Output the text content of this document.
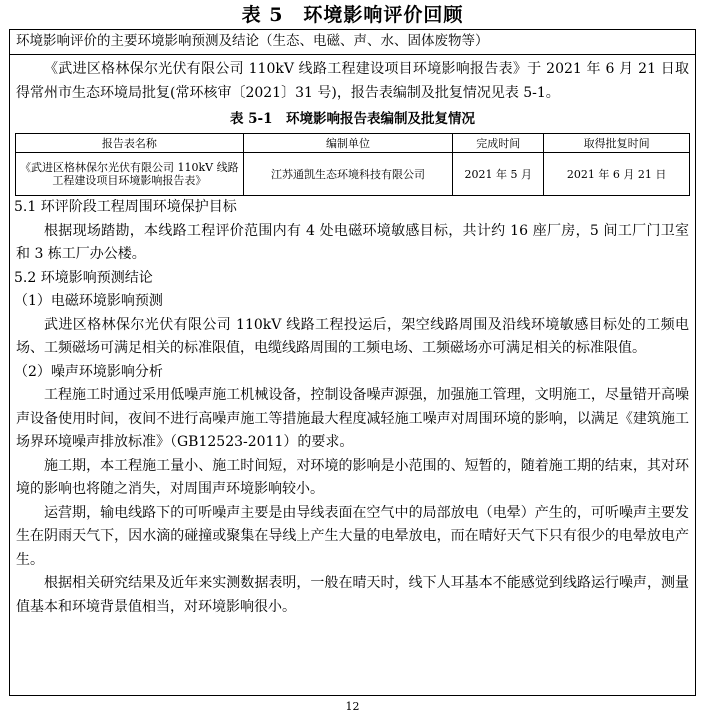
表 5　环境影响评价回顾
环境影响评价的主要环境影响预测及结论（生态、电磁、声、水、固体废物等）

《武进区格林保尔光伏有限公司 110kV 线路工程建设项目环境影响报告表》于 2021 年 6 月 21 日取得常州市生态环境局批复(常环核审〔2021〕31 号)，报告表编制及批复情况见表 5-1。

表 5-1　环境影响报告表编制及批复情况
报告表名称	编制单位	完成时间	取得批复时间
《武进区格林保尔光伏有限公司 110kV 线路工程建设项目环境影响报告表》	江苏通凯生态环境科技有限公司	2021 年 5 月	2021 年 6 月 21 日
5.1 环评阶段工程周围环境保护目标

根据现场踏勘，本线路工程评价范围内有 4 处电磁环境敏感目标，共计约 16 座厂房，5 间工厂门卫室和 3 栋工厂办公楼。

5.2 环境影响预测结论
（1）电磁环境影响预测

武进区格林保尔光伏有限公司 110kV 线路工程投运后，架空线路周围及沿线环境敏感目标处的工频电场、工频磁场可满足相关的标准限值，电缆线路周围的工频电场、工频磁场亦可满足相关的标准限值。

（2）噪声环境影响分析

工程施工时通过采用低噪声施工机械设备，控制设备噪声源强，加强施工管理，文明施工，尽量错开高噪声设备使用时间，夜间不进行高噪声施工等措施最大程度减轻施工噪声对周围环境的影响，以满足《建筑施工场界环境噪声排放标准》（GB12523-2011）的要求。

施工期，本工程施工量小、施工时间短，对环境的影响是小范围的、短暂的，随着施工期的结束，其对环境的影响也将随之消失，对周围声环境影响较小。

运营期，输电线路下的可听噪声主要是由导线表面在空气中的局部放电（电晕）产生的，可听噪声主要发生在阴雨天气下，因水滴的碰撞或聚集在导线上产生大量的电晕放电，而在晴好天气下只有很少的电晕放电产生。

根据相关研究结果及近年来实测数据表明，一般在晴天时，线下人耳基本不能感觉到线路运行噪声，测量值基本和环境背景值相当，对环境影响很小。

12
